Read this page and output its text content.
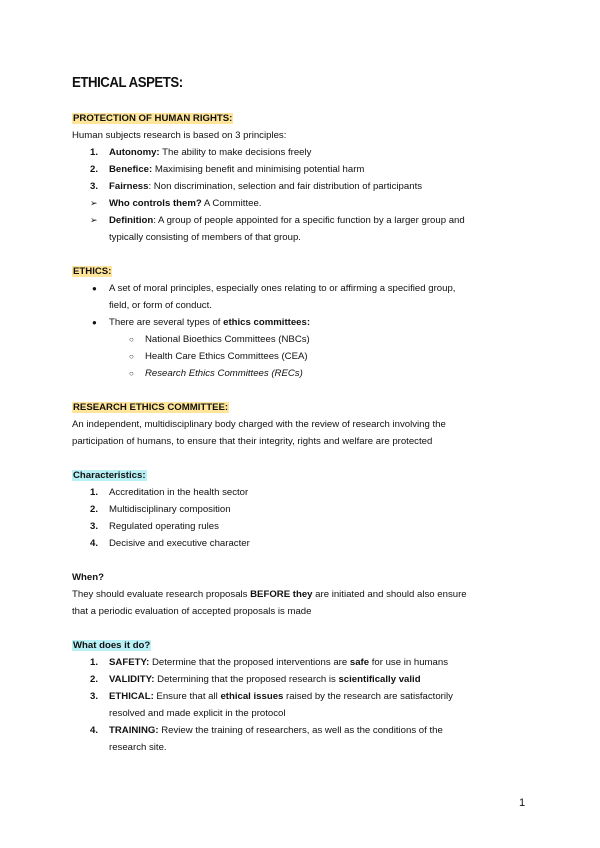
ETHICAL ASPETS:
PROTECTION OF HUMAN RIGHTS:
Human subjects research is based on 3 principles:
1. Autonomy: The ability to make decisions freely
2. Benefice: Maximising benefit and minimising potential harm
3. Fairness: Non discrimination, selection and fair distribution of participants
➢ Who controls them? A Committee.
➢ Definition: A group of people appointed for a specific function by a larger group and
typically consisting of members of that group.
ETHICS:
● A set of moral principles, especially ones relating to or affirming a specified group,
field, or form of conduct.
● There are several types of ethics committees:
○ National Bioethics Committees (NBCs)
○ Health Care Ethics Committees (CEA)
○ Research Ethics Committees (RECs)
RESEARCH ETHICS COMMITTEE:
An independent, multidisciplinary body charged with the review of research involving the
participation of humans, to ensure that their integrity, rights and welfare are protected
Characteristics:
1. Accreditation in the health sector
2. Multidisciplinary composition
3. Regulated operating rules
4. Decisive and executive character
When?
They should evaluate research proposals BEFORE they are initiated and should also ensure
that a periodic evaluation of accepted proposals is made
What does it do?
1. SAFETY: Determine that the proposed interventions are safe for use in humans
2. VALIDITY: Determining that the proposed research is scientifically valid
3. ETHICAL: Ensure that all ethical issues raised by the research are satisfactorily
resolved and made explicit in the protocol
4. TRAINING: Review the training of researchers, as well as the conditions of the
research site.
1
